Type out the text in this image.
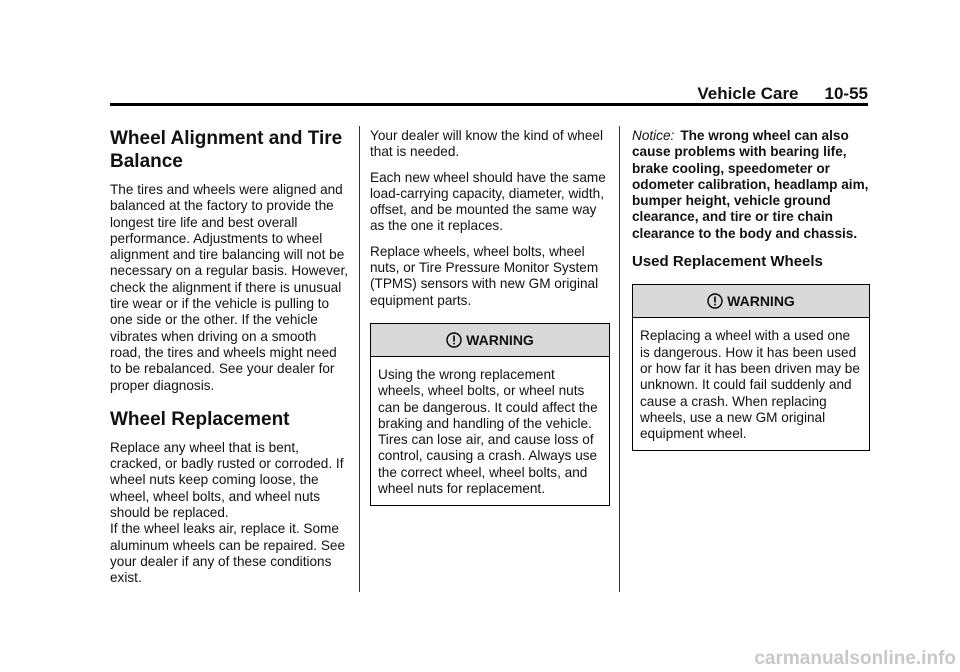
Vehicle Care 10-55
Wheel Alignment and Tire Balance

The tires and wheels were aligned and balanced at the factory to provide the longest tire life and best overall performance. Adjustments to wheel alignment and tire balancing will not be necessary on a regular basis. However, check the alignment if there is unusual tire wear or if the vehicle is pulling to one side or the other. If the vehicle vibrates when driving on a smooth road, the tires and wheels might need to be rebalanced. See your dealer for proper diagnosis.

Wheel Replacement

Replace any wheel that is bent, cracked, or badly rusted or corroded. If wheel nuts keep coming loose, the wheel, wheel bolts, and wheel nuts should be replaced.

If the wheel leaks air, replace it. Some aluminum wheels can be repaired. See your dealer if any of these conditions exist.

Your dealer will know the kind of wheel that is needed.

Each new wheel should have the same load-carrying capacity, diameter, width, offset, and be mounted the same way as the one it replaces.

Replace wheels, wheel bolts, wheel nuts, or Tire Pressure Monitor System (TPMS) sensors with new GM original equipment parts.

WARNING
Using the wrong replacement wheels, wheel bolts, or wheel nuts can be dangerous. It could affect the braking and handling of the vehicle. Tires can lose air, and cause loss of control, causing a crash. Always use the correct wheel, wheel bolts, and wheel nuts for replacement.

Notice: The wrong wheel can also cause problems with bearing life, brake cooling, speedometer or odometer calibration, headlamp aim, bumper height, vehicle ground clearance, and tire or tire chain clearance to the body and chassis.

Used Replacement Wheels
WARNING
Replacing a wheel with a used one is dangerous. How it has been used or how far it has been driven may be unknown. It could fail suddenly and cause a crash. When replacing wheels, use a new GM original equipment wheel.
carmanualsonline.info
